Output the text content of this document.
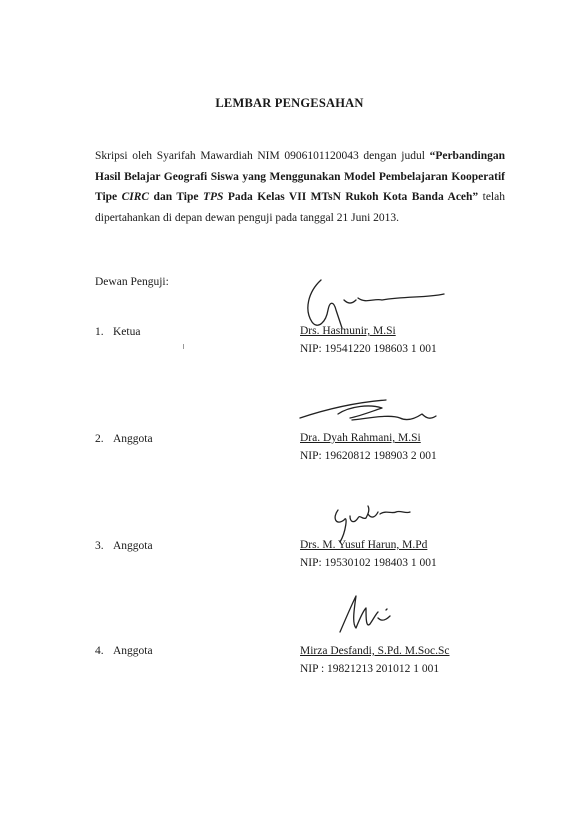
LEMBAR PENGESAHAN
Skripsi oleh Syarifah Mawardiah NIM 0906101120043 dengan judul “Perbandingan Hasil Belajar Geografi Siswa yang Menggunakan Model Pembelajaran Kooperatif Tipe CIRC dan Tipe TPS Pada Kelas VII MTsN Rukoh Kota Banda Aceh” telah dipertahankan di depan dewan penguji pada tanggal 21 Juni 2013.
Dewan Penguji:
1. Ketua	Drs. Hasmunir, M.Si
NIP: 19541220 198603 1 001
2. Anggota	Dra. Dyah Rahmani, M.Si
NIP: 19620812 198903 2 001
3. Anggota	Drs. M. Yusuf Harun, M.Pd
NIP: 19530102 198403 1 001
4. Anggota	Mirza Desfandi, S.Pd. M.Soc.Sc
NIP : 19821213 201012 1 001
